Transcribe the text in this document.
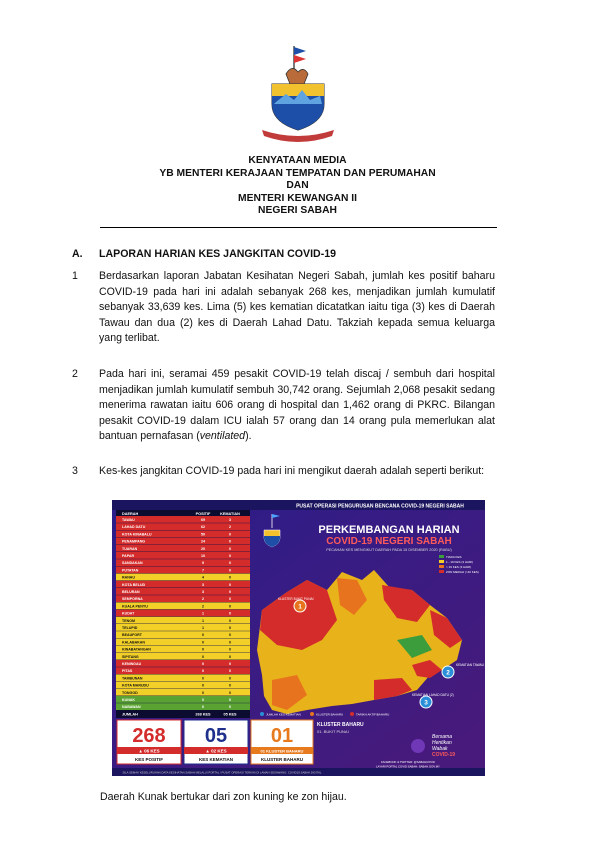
KENYATAAN MEDIA
YB MENTERI KERAJAAN TEMPATAN DAN PERUMAHAN
DAN
MENTERI KEWANGAN II
NEGERI SABAH
A. LAPORAN HARIAN KES JANGKITAN COVID-19
1 Berdasarkan laporan Jabatan Kesihatan Negeri Sabah, jumlah kes positif baharu COVID-19 pada hari ini adalah sebanyak 268 kes, menjadikan jumlah kumulatif sebanyak 33,639 kes. Lima (5) kes kematian dicatatkan iaitu tiga (3) kes di Daerah Tawau dan dua (2) kes di Daerah Lahad Datu. Takziah kepada semua keluarga yang terlibat.
2 Pada hari ini, seramai 459 pesakit COVID-19 telah discaj / sembuh dari hospital menjadikan jumlah kumulatif sembuh 30,742 orang. Sejumlah 2,068 pesakit sedang menerima rawatan iaitu 606 orang di hospital dan 1,462 orang di PKRC. Bilangan pesakit COVID-19 dalam ICU ialah 57 orang dan 14 orang pula memerlukan alat bantuan pernafasan (ventilated).
3 Kes-kes jangkitan COVID-19 pada hari ini mengikut daerah adalah seperti berikut:
PUSAT OPERASI PENGURUSAN BENCANA COVID-19 NEGERI SABAH
DAERAH	POSITIF	KEMATIAN
TAWAU	69	3
LAHAD DATU	62	2
KOTA KINABALU	50	0
PENAMPANG	24	0
TUARAN	20	0
PAPAR	10	0
SANDAKAN	9	0
PUTATAN	7	0
RANAU	4	0
KOTA BELUD	3	0
BELURAN	3	0
SEMPORNA	2	0
KUALA PENYU	2	0
KUDAT	1	0
TENOM	1	0
TELUPID	1	0
BEAUFORT	0	0
KALABAKAN	0	0
KINABATANGAN	0	0
SIPITANG	0	0
KENINGAU	0	0
PITAS	0	0
TAMBUNAN	0	0
KOTA MARUDU	0	0
TONGOD	0	0
KUNAK	0	0
NABAWAN	0	0
JUMLAH	268 KES	05 KES
268
▲ 06 KES
KES POSITIF
05
▲ 02 KES
KES KEMATIAN
01
01 KLUSTER BAHARU
KLUSTER BAHARU
KLUSTER BAHARU
01. BUKIT PUNAI
PERKEMBANGAN HARIAN
COVID-19 NEGERI SABAH
PECAHAN KES MENGIKUT DAERAH PADA 15 DISEMBER 2020 (RABU)
TIADA KES
1 - 19 KES (3 HARI)
> 19 KES (3 HARI)
ZON MERAH (>40 KES)
1
2
3
KLUSTER BUKIT PUNAI
KEMATIAN TAWAU (3)
KEMATIAN LAHAD DATU (2)
JUMLAH KES KEMATIAN	KLUSTER BAHARU	TARIKH AKTIF/BAHARU
Bersama
Hentikan
Wabak
COVID-19
FACEBOOK & TWITTER: @SABAHCOVID
LAYARI PORTAL COVID SABAH: SABAH.GOV.MY
SILA SEMAK KESELURUHAN DATA KESIHATAN SABAH MELALUI PORTAL / PUSAT OPERASI TERKINI DI LAMAN SESAWANG: COVID19.SABAH.DIGITAL
Daerah Kunak bertukar dari zon kuning ke zon hijau.
